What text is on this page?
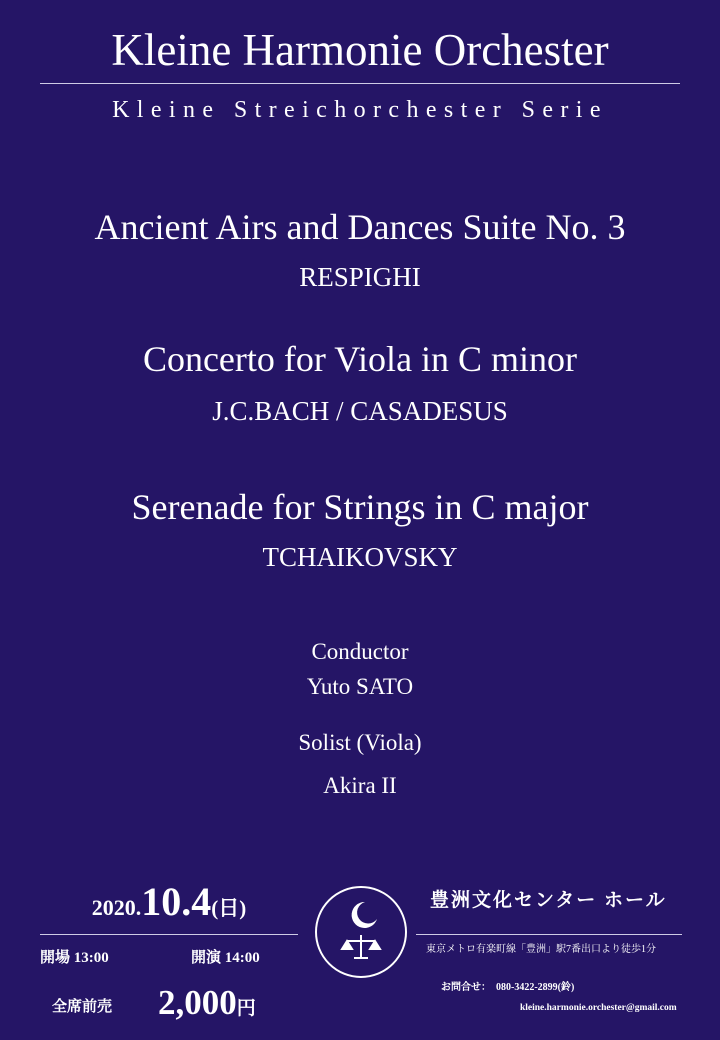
Kleine Harmonie Orchester
Kleine Streichorchester Serie
Ancient Airs and Dances Suite No. 3
RESPIGHI
Concerto for Viola in C minor
J.C.BACH / CASADESUS
Serenade for Strings in C major
TCHAIKOVSKY
Conductor
Yuto SATO
Solist (Viola)
Akira II
2020.10.4(日)
開場 13:00	開演 14:00
全席前売 2,000円
豊洲文化センター ホール
東京メトロ有楽町線「豊洲」駅7番出口より徒歩1分
お問合せ：　080-3422-2899(鈴)
kleine.harmonie.orchester@gmail.com
